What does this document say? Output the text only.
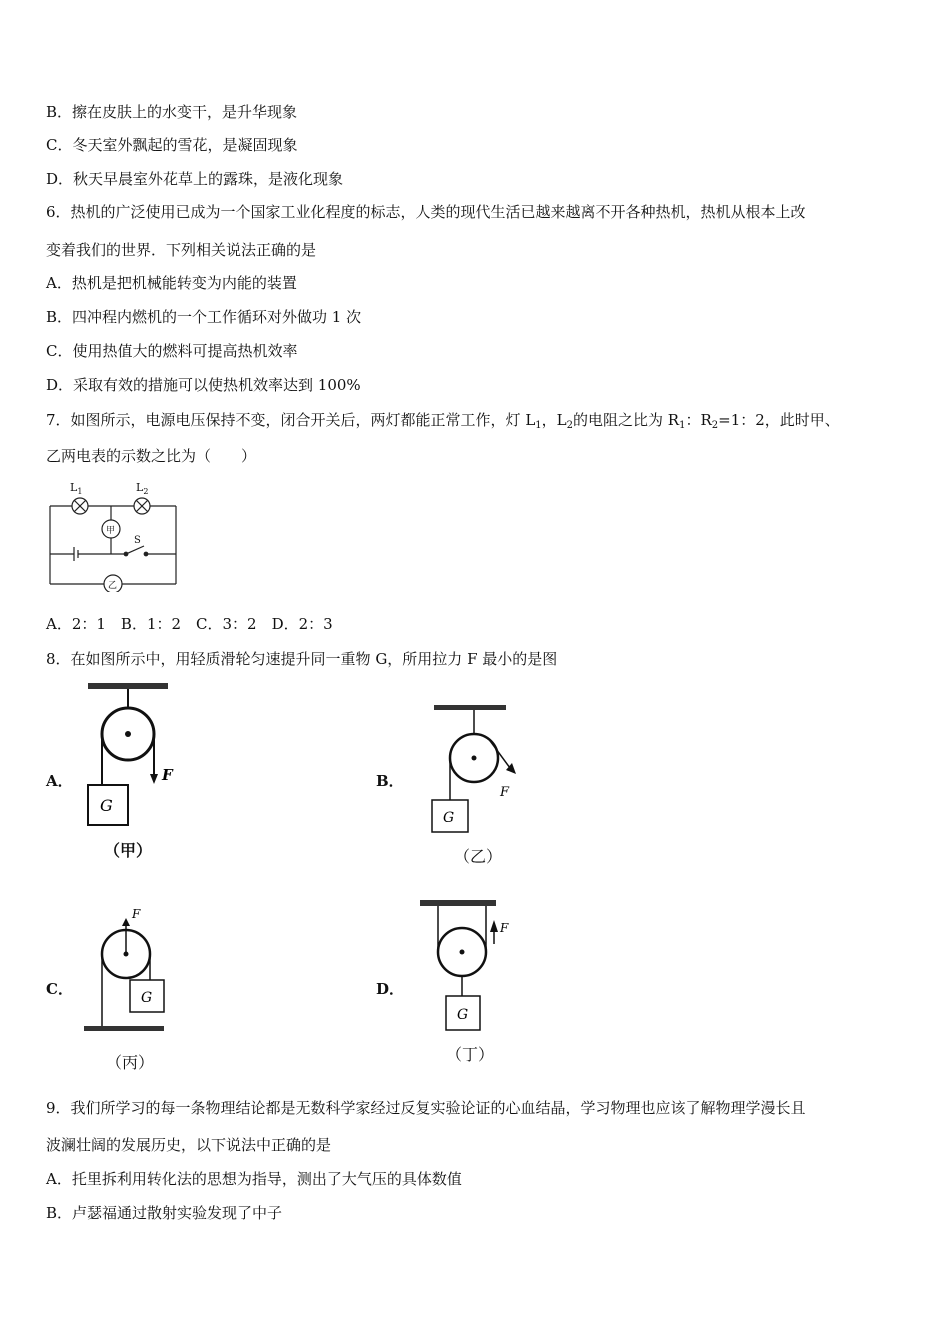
B．擦在皮肤上的水变干，是升华现象
C．冬天室外飘起的雪花，是凝固现象
D．秋天早晨室外花草上的露珠，是液化现象
6．热机的广泛使用已成为一个国家工业化程度的标志，人类的现代生活已越来越离不开各种热机，热机从根本上改
变着我们的世界．下列相关说法正确的是
A．热机是把机械能转变为内能的装置
B．四冲程内燃机的一个工作循环对外做功 1 次
C．使用热值大的燃料可提高热机效率
D．采取有效的措施可以使热机效率达到 100%
7．如图所示，电源电压保持不变，闭合开关后，两灯都能正常工作，灯 $L_1$，$L_2$的电阻之比为 $R_1$：$R_2=1$：2，此时甲、
乙两电表的示数之比为（　　）
$L_1$	$L_2$
甲
乙
S
A．2：1　B．1：2　C．3：2　D．2：3
8．在如图所示中，用轻质滑轮匀速提升同一重物 G，所用拉力 F 最小的是图
A．
G
F
（甲）
B．
G
F
（乙）
C．	G
F
（丙）
D．
G
F
（丁）
9．我们所学习的每一条物理结论都是无数科学家经过反复实验论证的心血结晶，学习物理也应该了解物理学漫长且
波澜壮阔的发展历史，以下说法中正确的是
A．托里拆利用转化法的思想为指导，测出了大气压的具体数值
B．卢瑟福通过散射实验发现了中子
